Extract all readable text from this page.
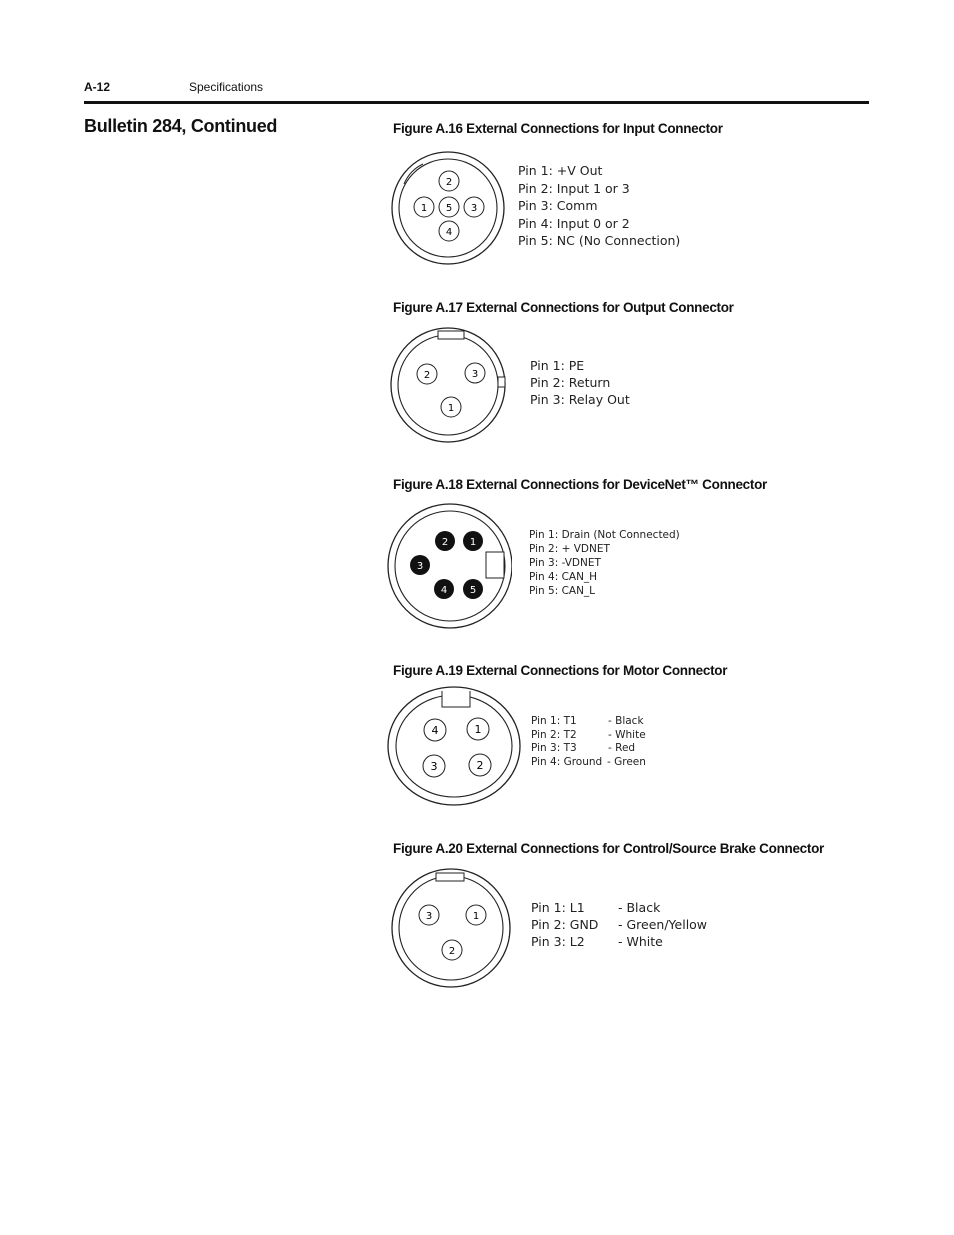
A-12	Specifications
Bulletin 284, Continued	Figure A.16 External Connections for Input Connector
2
1 5 3
4
Pin 1: +V Out
Pin 2: Input 1 or 3
Pin 3: Comm
Pin 4: Input 0 or 2
Pin 5: NC (No Connection)
Figure A.17 External Connections for Output Connector
2	3
1
Pin 1: PE
Pin 2: Return
Pin 3: Relay Out
Figure A.18 External Connections for DeviceNet™ Connector
2 1
3
4 5
Pin 1: Drain (Not Connected)
Pin 2: + VDNET
Pin 3: -VDNET
Pin 4: CAN_H
Pin 5: CAN_L
Figure A.19 External Connections for Motor Connector
4	1
3	2
Pin 1: T1	- Black
Pin 2: T2	- White
Pin 3: T3	- Red
Pin 4: Ground - Green
Figure A.20 External Connections for Control/Source Brake Connector
3	1
2
Pin 1: L1	- Black
Pin 2: GND - Green/Yellow
Pin 3: L2	- White
